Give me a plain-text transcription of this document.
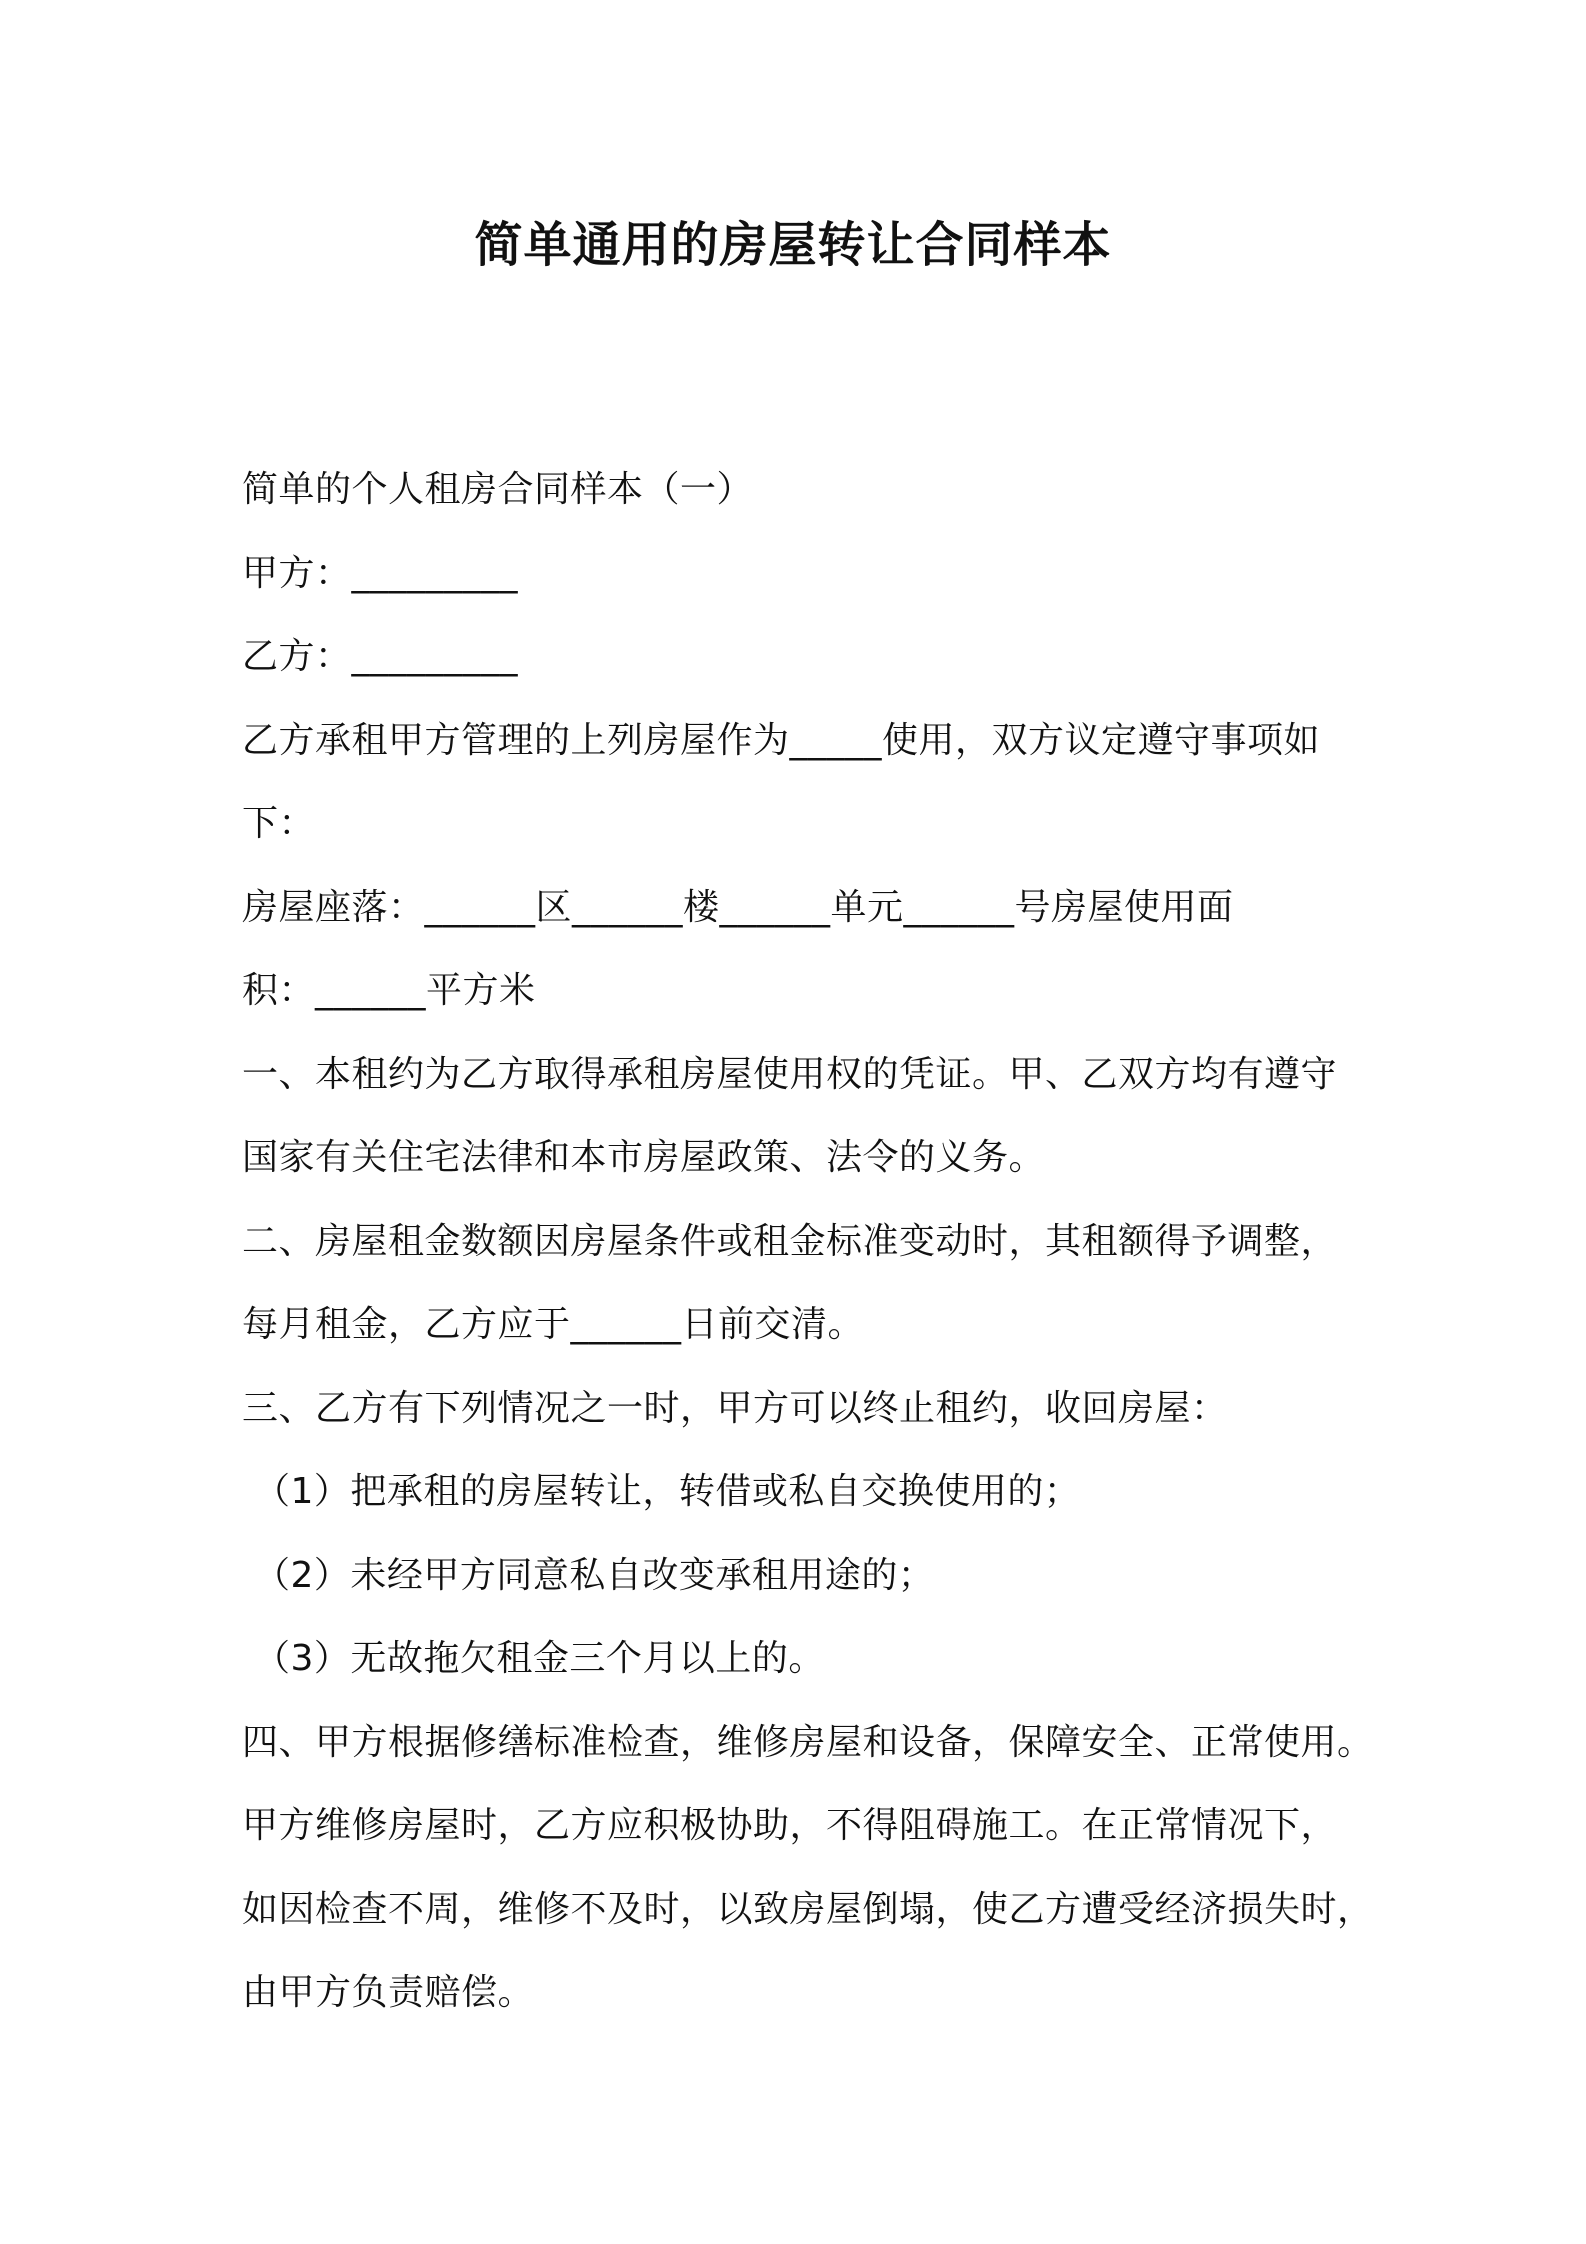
简单通用的房屋转让合同样本
简单的个人租房合同样本（一）
甲方：_________
乙方：_________
乙方承租甲方管理的上列房屋作为_____使用，双方议定遵守事项如
下：
房屋座落：______区______楼______单元______号房屋使用面
积：______平方米
一、本租约为乙方取得承租房屋使用权的凭证。甲、乙双方均有遵守
国家有关住宅法律和本市房屋政策、法令的义务。
二、房屋租金数额因房屋条件或租金标准变动时，其租额得予调整，
每月租金，乙方应于______日前交清。
三、乙方有下列情况之一时，甲方可以终止租约，收回房屋：
（1）把承租的房屋转让，转借或私自交换使用的；
（2）未经甲方同意私自改变承租用途的；
（3）无故拖欠租金三个月以上的。
四、甲方根据修缮标准检查，维修房屋和设备，保障安全、正常使用。
甲方维修房屋时，乙方应积极协助，不得阻碍施工。在正常情况下，
如因检查不周，维修不及时，以致房屋倒塌，使乙方遭受经济损失时，
由甲方负责赔偿。
